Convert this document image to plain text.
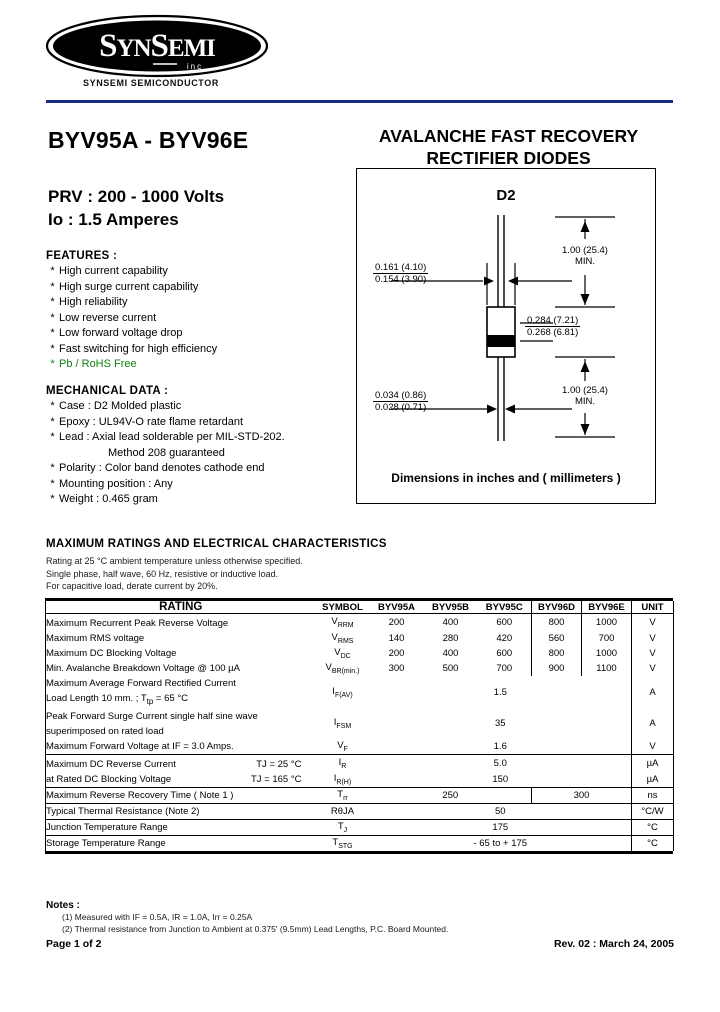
SYNSEMI
inc
SYNSEMI SEMICONDUCTOR
BYV95A - BYV96E
PRV : 200 - 1000 Volts
Io : 1.5 Amperes
FEATURES :
* High current capability
* High surge current capability
* High reliability
* Low reverse current
* Low forward voltage drop
* Fast switching for high efficiency
* Pb / RoHS Free
MECHANICAL DATA :
* Case : D2 Molded plastic
* Epoxy : UL94V-O rate flame retardant
* Lead : Axial lead solderable per MIL-STD-202.
Method 208 guaranteed
* Polarity : Color band denotes cathode end
* Mounting position : Any
* Weight : 0.465 gram
AVALANCHE FAST RECOVERY
RECTIFIER DIODES
D2
0.161 (4.10)
0.154 (3.90)
0.034 (0.86)
0.028 (0.71)
0.284 (7.21)
0.268 (6.81)
1.00 (25.4)
MIN.
1.00 (25.4)
MIN.
Dimensions in inches and ( millimeters )
MAXIMUM RATINGS AND ELECTRICAL CHARACTERISTICS
Rating at 25 °C ambient temperature unless otherwise specified.
Single phase, half wave, 60 Hz, resistive or inductive load.
For capacitive load, derate current by 20%.
RATING	SYMBOL	BYV95A	BYV95B	BYV95C	BYV96D	BYV96E	UNIT
Maximum Recurrent Peak Reverse Voltage	$V_{RRM}$	200	400	600	800	1000	V
Maximum RMS voltage	$V_{RMS}$	140	280	420	560	700	V
Maximum DC Blocking Voltage	$V_{DC}$	200	400	600	800	1000	V
Min. Avalanche Breakdown Voltage @ 100 µA	$V_{BR(min.)}$	300	500	700	900	1100	V

Maximum Average Forward Rectified Current
Load Length 10 mm. ; $T_{tp} = 65$ °C	$I_{F(AV)}$	1.5					A

Peak Forward Surge Current single half sine wave
superimposed on rated load	$I_{FSM}$	35					A
Maximum Forward Voltage at IF = 3.0 Amps.	$V_F$	1.6					V
Maximum DC Reverse Current TJ = 25 °C	$I_R$	5.0					µA
at Rated DC Blocking Voltage TJ = 165 °C	$I_{R(H)}$	150					µA
Maximum Reverse Recovery Time ( Note 1 )	$T_{rr}$	250			300		ns
Typical Thermal Resistance (Note 2)	RθJA	50					°C/W
Junction Temperature Range	$T_J$	175					°C
Storage Temperature Range	$T_{STG}$	- 65 to + 175					°C
Notes :
(1) Measured with IF = 0.5A, IR = 1.0A, Irr = 0.25A
(2) Thermal resistance from Junction to Ambient at 0.375' (9.5mm) Lead Lengths, P.C. Board Mounted.
Page 1 of 2	Rev. 02 : March 24, 2005
